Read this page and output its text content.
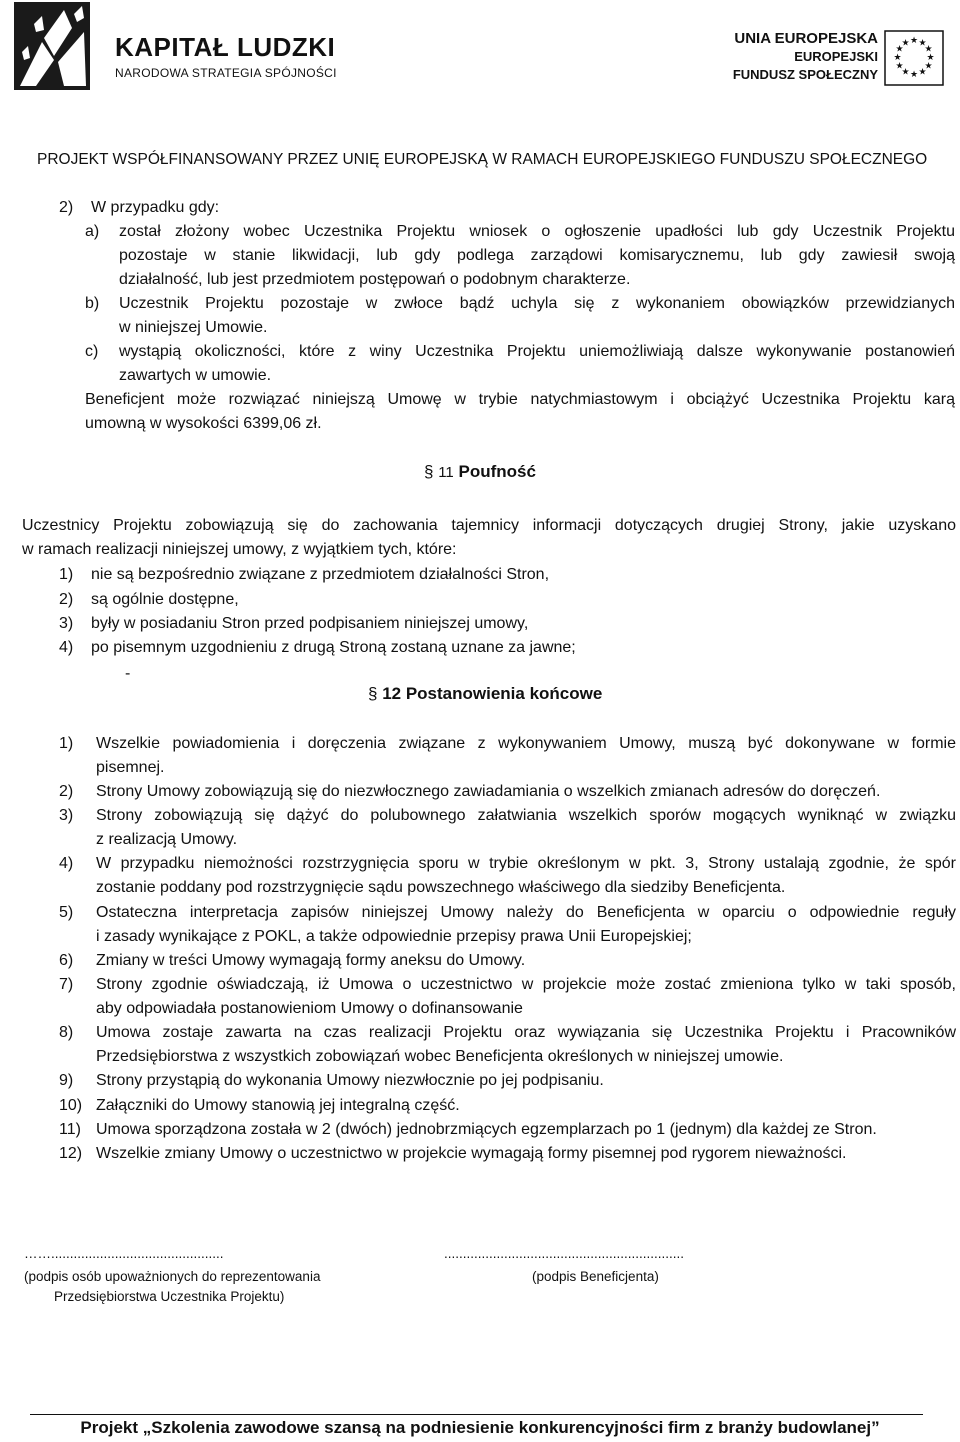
KAPITAŁ LUDZKI
NARODOWA STRATEGIA SPÓJNOŚCI
UNIA EUROPEJSKA
EUROPEJSKI
FUNDUSZ SPOŁECZNY
★ ★
★
★
★
★
★
★
★
★
★
★
PROJEKT WSPÓŁFINANSOWANY PRZEZ UNIĘ EUROPEJSKĄ W RAMACH EUROPEJSKIEGO FUNDUSZU SPOŁECZNEGO
2) W przypadku gdy:
a) został złożony wobec Uczestnika Projektu wniosek o ogłoszenie upadłości lub gdy Uczestnik Projektu
pozostaje w stanie likwidacji, lub gdy podlega zarządowi komisarycznemu, lub gdy zawiesił swoją
działalność, lub jest przedmiotem postępowań o podobnym charakterze.
b) Uczestnik Projektu pozostaje w zwłoce bądź uchyla się z wykonaniem obowiązków przewidzianych
w niniejszej Umowie.
c) wystąpią okoliczności, które z winy Uczestnika Projektu uniemożliwiają dalsze wykonywanie postanowień
zawartych w umowie.
Beneficjent może rozwiązać niniejszą Umowę w trybie natychmiastowym i obciążyć Uczestnika Projektu karą
umowną w wysokości 6399,06 zł.
§ 11 Poufność
Uczestnicy Projektu zobowiązują się do zachowania tajemnicy informacji dotyczących drugiej Strony, jakie uzyskano
w ramach realizacji niniejszej umowy, z wyjątkiem tych, które:
1) nie są bezpośrednio związane z przedmiotem działalności Stron,
2) są ogólnie dostępne,
3) były w posiadaniu Stron przed podpisaniem niniejszej umowy,
4) po pisemnym uzgodnieniu z drugą Stroną zostaną uznane za jawne;
-
§ 12 Postanowienia końcowe
1) Wszelkie powiadomienia i doręczenia związane z wykonywaniem Umowy, muszą być dokonywane w formie
pisemnej.
2) Strony Umowy zobowiązują się do niezwłocznego zawiadamiania o wszelkich zmianach adresów do doręczeń.
3) Strony zobowiązują się dążyć do polubownego załatwiania wszelkich sporów mogących wyniknąć w związku
z realizacją Umowy.
4) W przypadku niemożności rozstrzygnięcia sporu w trybie określonym w pkt. 3, Strony ustalają zgodnie, że spór
zostanie poddany pod rozstrzygnięcie sądu powszechnego właściwego dla siedziby Beneficjenta.
5) Ostateczna interpretacja zapisów niniejszej Umowy należy do Beneficjenta w oparciu o odpowiednie reguły
i zasady wynikające z POKL, a także odpowiednie przepisy prawa Unii Europejskiej;
6) Zmiany w treści Umowy wymagają formy aneksu do Umowy.
7) Strony zgodnie oświadczają, iż Umowa o uczestnictwo w projekcie może zostać zmieniona tylko w taki sposób,
aby odpowiadała postanowieniom Umowy o dofinansowanie
8) Umowa zostaje zawarta na czas realizacji Projektu oraz wywiązania się Uczestnika Projektu i Pracowników
Przedsiębiorstwa z wszystkich zobowiązań wobec Beneficjenta określonych w niniejszej umowie.
9) Strony przystąpią do wykonania Umowy niezwłocznie po jej podpisaniu.
10) Załączniki do Umowy stanowią jej integralną część.
11) Umowa sporządzona została w 2 (dwóch) jednobrzmiących egzemplarzach po 1 (jednym) dla każdej ze Stron.
12) Wszelkie zmiany Umowy o uczestnictwo w projekcie wymagają formy pisemnej pod rygorem nieważności.
……..............................................
(podpis osób upoważnionych do reprezentowania
Przedsiębiorstwa Uczestnika Projektu)
................................................................
(podpis Beneficjenta)
Projekt „Szkolenia zawodowe szansą na podniesienie konkurencyjności firm z branży budowlanej”
